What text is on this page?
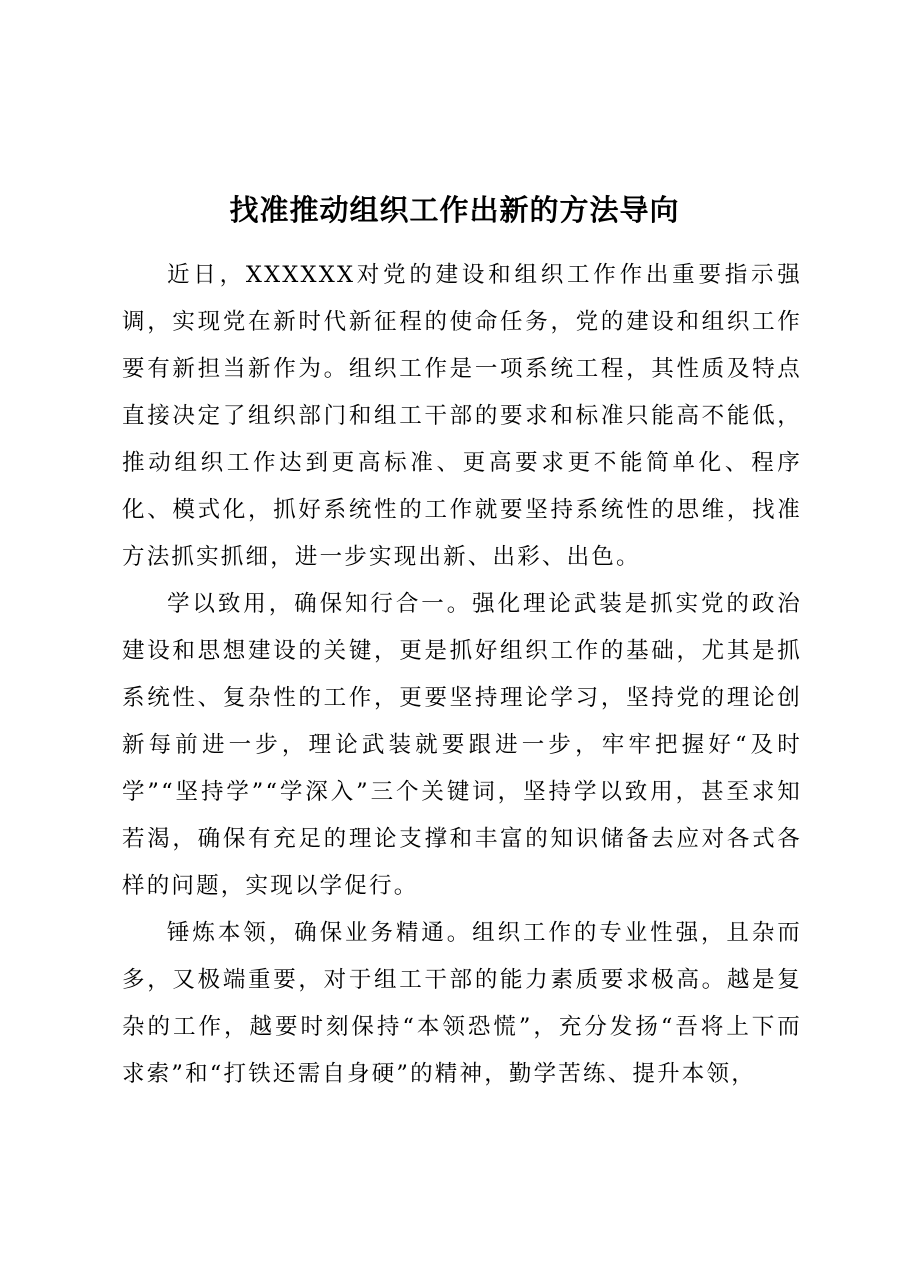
找准推动组织工作出新的方法导向

近日，XXXXXX对党的建设和组织工作作出重要指示强调，实现党在新时代新征程的使命任务，党的建设和组织工作要有新担当新作为。组织工作是一项系统工程，其性质及特点直接决定了组织部门和组工干部的要求和标准只能高不能低，推动组织工作达到更高标准、更高要求更不能简单化、程序化、模式化，抓好系统性的工作就要坚持系统性的思维，找准方法抓实抓细，进一步实现出新、出彩、出色。

学以致用，确保知行合一。强化理论武装是抓实党的政治建设和思想建设的关键，更是抓好组织工作的基础，尤其是抓系统性、复杂性的工作，更要坚持理论学习，坚持党的理论创新每前进一步，理论武装就要跟进一步，牢牢把握好“及时学”“坚持学”“学深入”三个关键词，坚持学以致用，甚至求知若渴，确保有充足的理论支撑和丰富的知识储备去应对各式各样的问题，实现以学促行。

锤炼本领，确保业务精通。组织工作的专业性强，且杂而多，又极端重要，对于组工干部的能力素质要求极高。越是复杂的工作，越要时刻保持“本领恐慌”，充分发扬“吾将上下而求索”和“打铁还需自身硬”的精神，勤学苦练、提升本领，
